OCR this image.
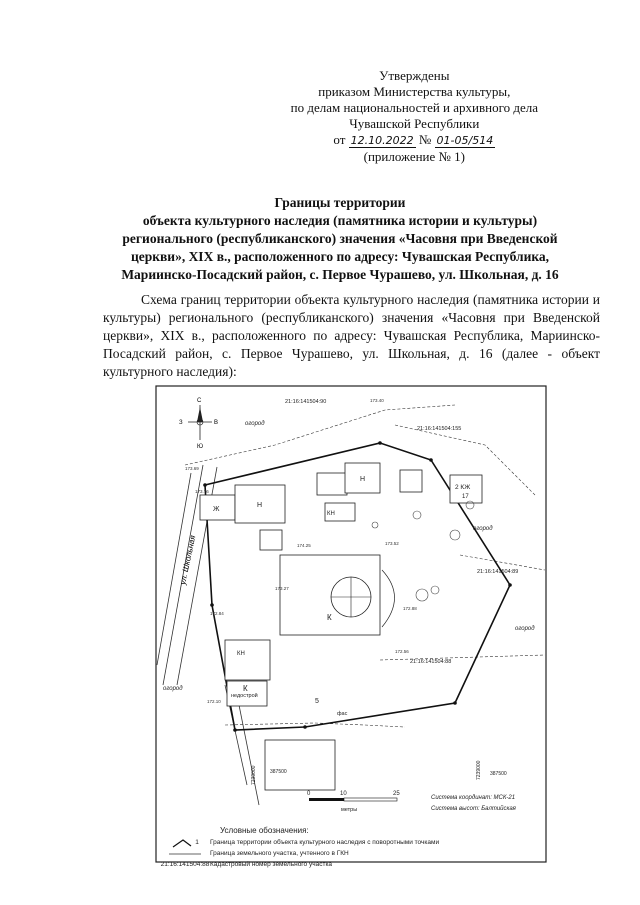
Утверждены
приказом Министерства культуры,
по делам национальностей и архивного дела
Чувашской Республики
от 12.10.2022 № 01-05/514
(приложение № 1)
Границы территории
объекта культурного наследия (памятника истории и культуры)
регионального (республиканского) значения «Часовня при Введенской
церкви», XIX в., расположенного по адресу: Чувашская Республика,
Мариинско-Посадский район, с. Первое Чурашево, ул. Школьная, д. 16
Схема границ территории объекта культурного наследия (памятника истории и культуры) регионального (республиканского) значения «Часовня при Введенской церкви», XIX в., расположенного по адресу: Чувашская Республика, Мариинско-Посадский район, с. Первое Чурашево, ул. Школьная, д. 16 (далее - объект культурного наследия):
ул. Школьная
С
Ю
З	В	огород
огород
огород
огород
21:16:141504:90
21:16:141504:155
21:16:141504:89
21:16:141504:88
Ж
Н
Н
КН
КН
К
К
недострой
2 КЖ
17
5
фас
387500	387500
7239000	7239000
173.40
173.69
172.84
173.76
172.56
172.10
174.25	173.52
172.88
173.27
0	10	25
метры
Система координат: МСК-21
Система высот: Балтийская
Условные обозначения:
1 Граница территории объекта культурного наследия с поворотными точками
Граница земельного участка, учтенного в ГКН
21:16:141504:88 Кадастровый номер земельного участка
